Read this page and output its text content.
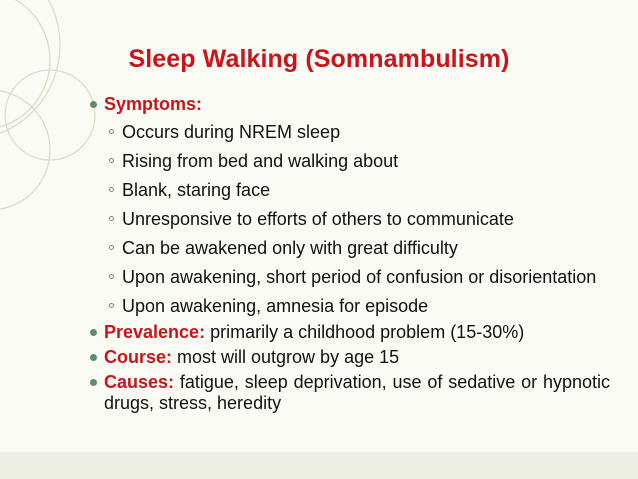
Sleep Walking (Somnambulism)
Symptoms:
Occurs during NREM sleep
Rising from bed and walking about
Blank, staring face
Unresponsive to efforts of others to communicate
Can be awakened only with great difficulty
Upon awakening, short period of confusion or disorientation
Upon awakening, amnesia for episode
Prevalence: primarily a childhood problem (15-30%)
Course: most will outgrow by age 15
Causes: fatigue, sleep deprivation, use of sedative or hypnotic drugs, stress, heredity
